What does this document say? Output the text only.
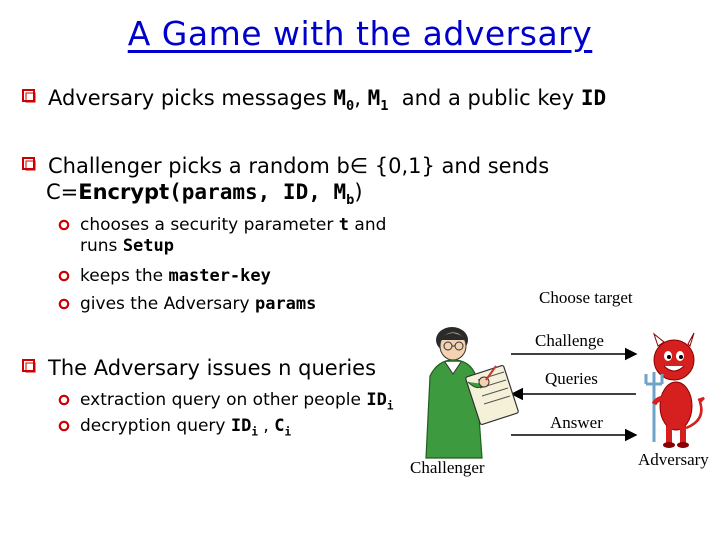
A Game with the adversary
Adversary picks messages $M_0$, $M_1$  and a public key ID
Challenger picks a random b∈ {0,1} and sends
C=Encrypt(params, ID, $M_b$)
chooses a security parameter t and
runs Setup
keeps the master-key
gives the Adversary params
The Adversary issues n queries
extraction query on other people $ID_i$
decryption query $ID_i$ , $C_i$
Choose target
Challenge
Queries
Answer
Challenger	Adversary
